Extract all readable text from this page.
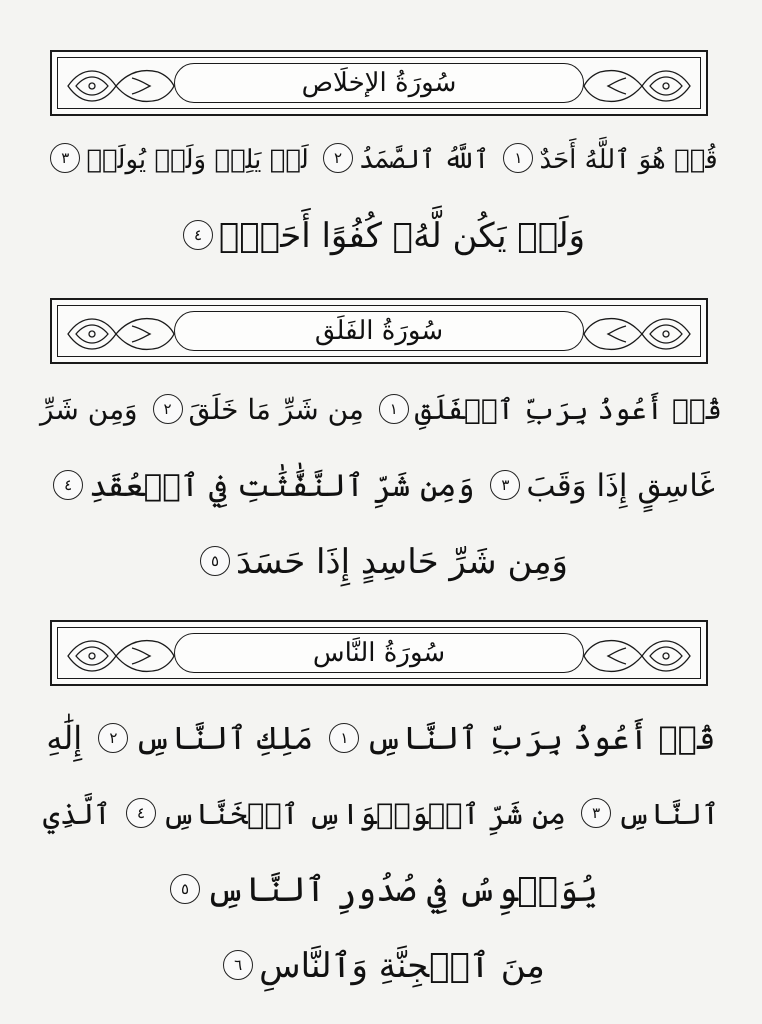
سُورَةُ الإخلَاص
قُلۡ هُوَ ٱللَّهُ أَحَدٌ١ ٱللَّهُ ٱلصَّمَدُ٢ لَمۡ يَلِدۡ وَلَمۡ يُولَدۡ٣
وَلَمۡ يَكُن لَّهُۥ كُفُوًا أَحَدُۢ٤
سُورَةُ الفَلَق
قُلۡ أَعُوذُ بِرَبِّ ٱلۡفَلَقِ١ مِن شَرِّ مَا خَلَقَ٢ وَمِن شَرِّ
غَاسِقٍ إِذَا وَقَبَ٣ وَمِن شَرِّ ٱلنَّفَّٰثَٰتِ فِي ٱلۡعُقَدِ٤
وَمِن شَرِّ حَاسِدٍ إِذَا حَسَدَ٥
سُورَةُ النَّاس
قُلۡ أَعُوذُ بِرَبِّ ٱلنَّاسِ١ مَلِكِ ٱلنَّاسِ٢ إِلَٰهِ
ٱلنَّاسِ٣ مِن شَرِّ ٱلۡوَسۡوَاسِ ٱلۡخَنَّاسِ٤ ٱلَّذِي
يُوَسۡوِسُ فِي صُدُورِ ٱلنَّاسِ٥
مِنَ ٱلۡجِنَّةِ وَٱلنَّاسِ٦
